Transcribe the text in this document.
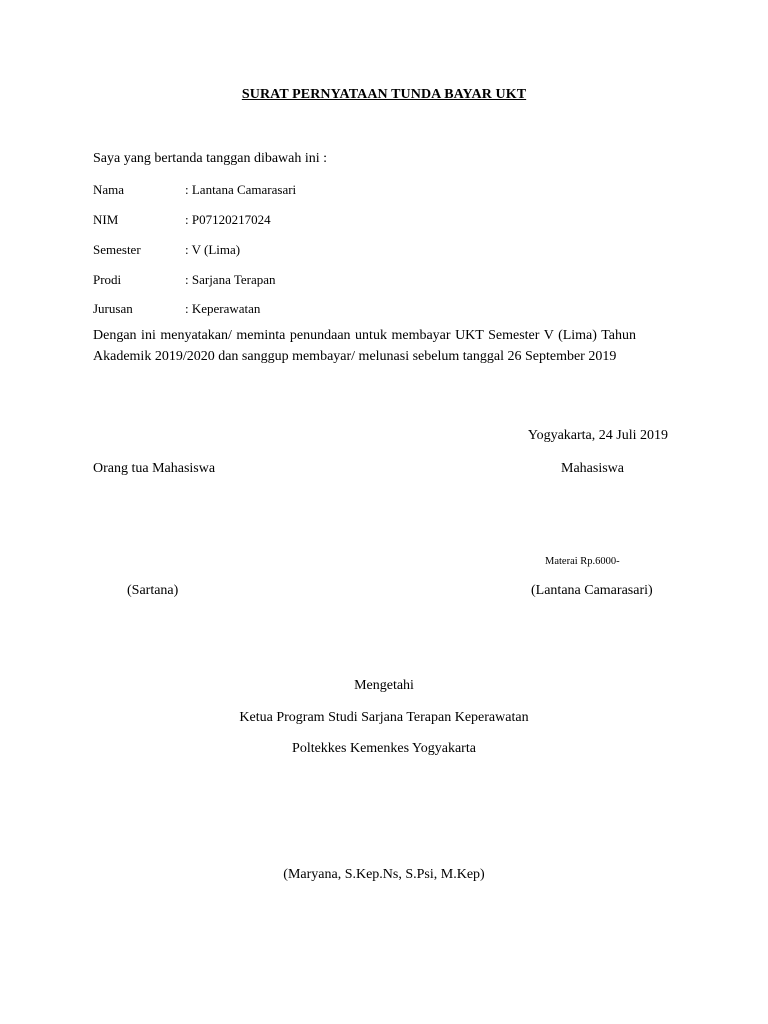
SURAT PERNYATAAN TUNDA BAYAR UKT
Saya yang bertanda tanggan dibawah ini :
Nama	: Lantana Camarasari
NIM	: P07120217024
Semester	: V (Lima)
Prodi	: Sarjana Terapan
Jurusan	: Keperawatan
Dengan ini menyatakan/ meminta penundaan untuk membayar UKT Semester V (Lima) Tahun Akademik 2019/2020 dan sanggup membayar/ melunasi sebelum tanggal 26 September 2019
Yogyakarta, 24 Juli 2019
Orang tua Mahasiswa	Mahasiswa
Materai Rp.6000-
(Sartana)	(Lantana Camarasari)
Mengetahi
Ketua Program Studi Sarjana Terapan Keperawatan
Poltekkes Kemenkes Yogyakarta
(Maryana, S.Kep.Ns, S.Psi, M.Kep)
